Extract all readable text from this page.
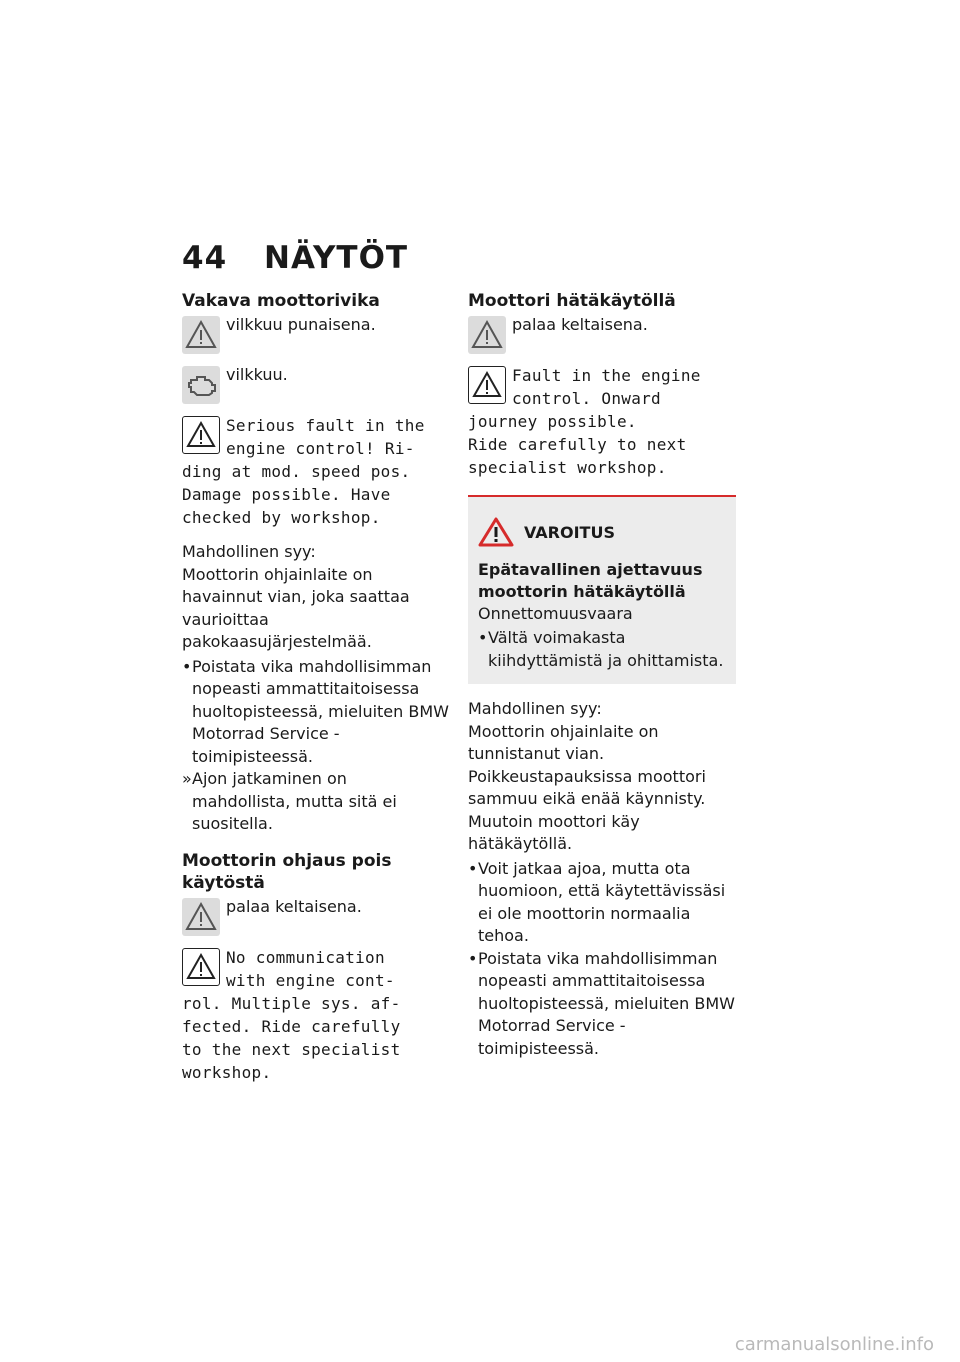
44 NÄYTÖT
Vakava moottorivika
vilkkuu punaisena.
vilkkuu.
Serious fault in the
engine control! Ri-
ding at mod. speed pos.
Damage possible. Have
checked by workshop.

Mahdollinen syy:

Moottorin ohjainlaite on havainnut vian, joka saattaa vaurioittaa pakokaasujärjestelmää.

• Poistata vika mahdollisimman nopeasti ammattitaitoisessa huoltopisteessä, mieluiten BMW Motorrad Service -toimipisteessä.
» Ajon jatkaminen on mahdollista, mutta sitä ei suositella.
Moottorin ohjaus pois käytöstä
palaa keltaisena.
No communication
with engine cont-
rol. Multiple sys. af-
fected. Ride carefully
to the next specialist
workshop.
Moottori hätäkäytöllä
palaa keltaisena.
Fault in the engine
control. Onward
journey possible.
Ride carefully to next
specialist workshop.
VAROITUS
Epätavallinen ajettavuus moottorin hätäkäytöllä
Onnettomuusvaara
• Vältä voimakasta kiihdyttämistä ja ohittamista.

Mahdollinen syy:

Moottorin ohjainlaite on tunnistanut vian. Poikkeustapauksissa moottori sammuu eikä enää käynnisty. Muutoin moottori käy hätäkäytöllä.

• Voit jatkaa ajoa, mutta ota huomioon, että käytettävissäsi ei ole moottorin normaalia tehoa.
• Poistata vika mahdollisimman nopeasti ammattitaitoisessa huoltopisteessä, mieluiten BMW Motorrad Service -toimipisteessä.
carmanualsonline.info
